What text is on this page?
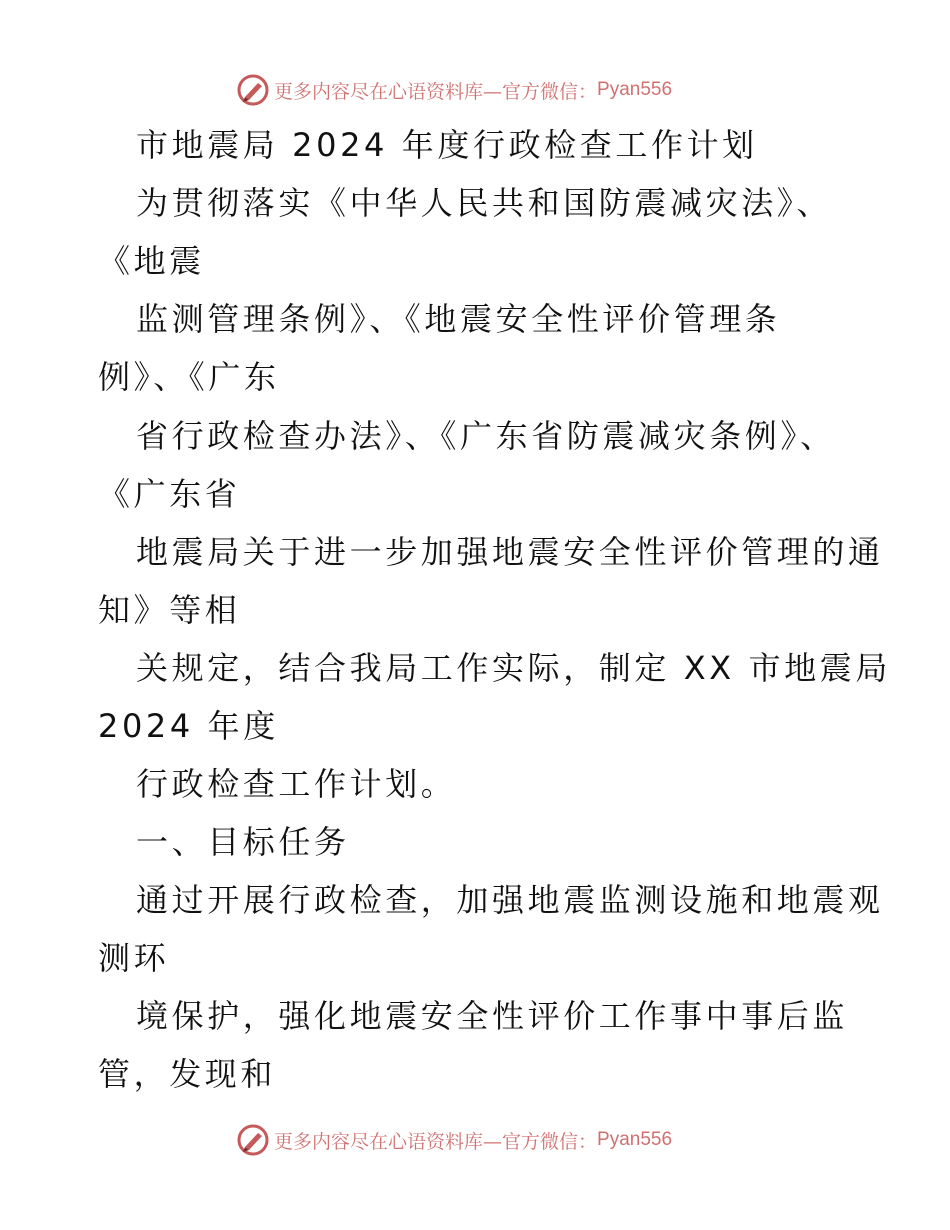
更多内容尽在心语资料库—官方微信： Pyan556
市地震局 2024 年度行政检查工作计划
为贯彻落实《中华人民共和国防震减灾法》、
《地震
监测管理条例》、《地震安全性评价管理条
例》、《广东
省行政检查办法》、《广东省防震减灾条例》、
《广东省
地震局关于进一步加强地震安全性评价管理的通
知》等相
关规定，结合我局工作实际，制定 XX 市地震局
2024 年度
行政检查工作计划。
一、目标任务
通过开展行政检查，加强地震监测设施和地震观
测环
境保护，强化地震安全性评价工作事中事后监
管，发现和
更多内容尽在心语资料库—官方微信： Pyan556
